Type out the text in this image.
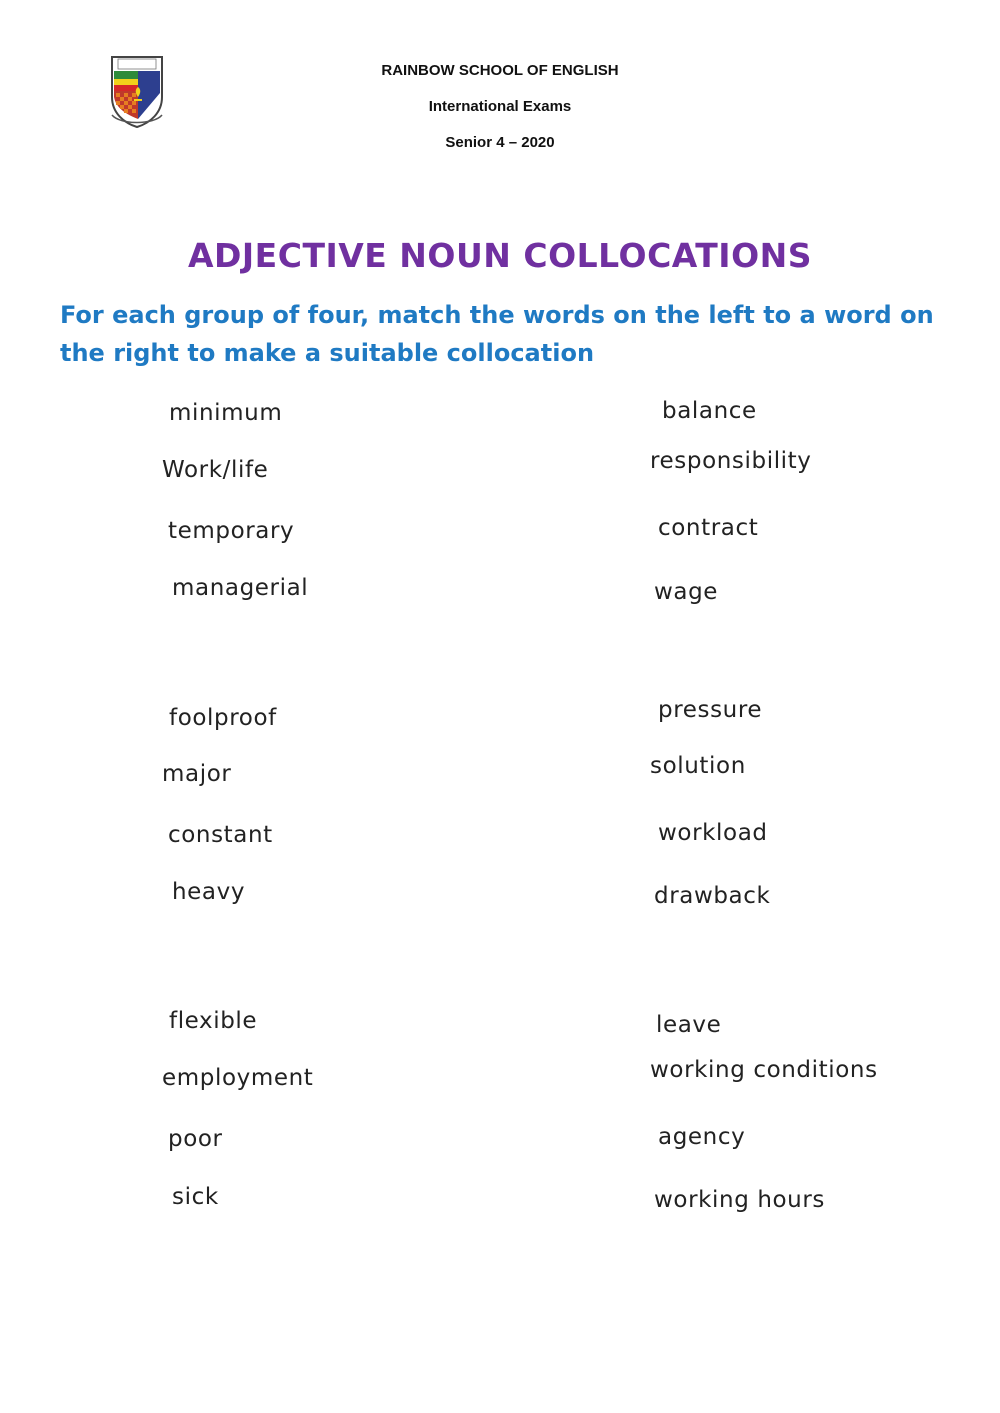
RAINBOW SCHOOL OF ENGLISH
International Exams
Senior 4 – 2020
ADJECTIVE NOUN COLLOCATIONS
For each group of four, match the words on the left to a word on the right to make a suitable collocation
minimum
Work/life
temporary
managerial
balance
responsibility
contract
wage
foolproof
major
constant
heavy
pressure
solution
workload
drawback
flexible
employment
poor
sick
leave
working conditions
agency
working hours
